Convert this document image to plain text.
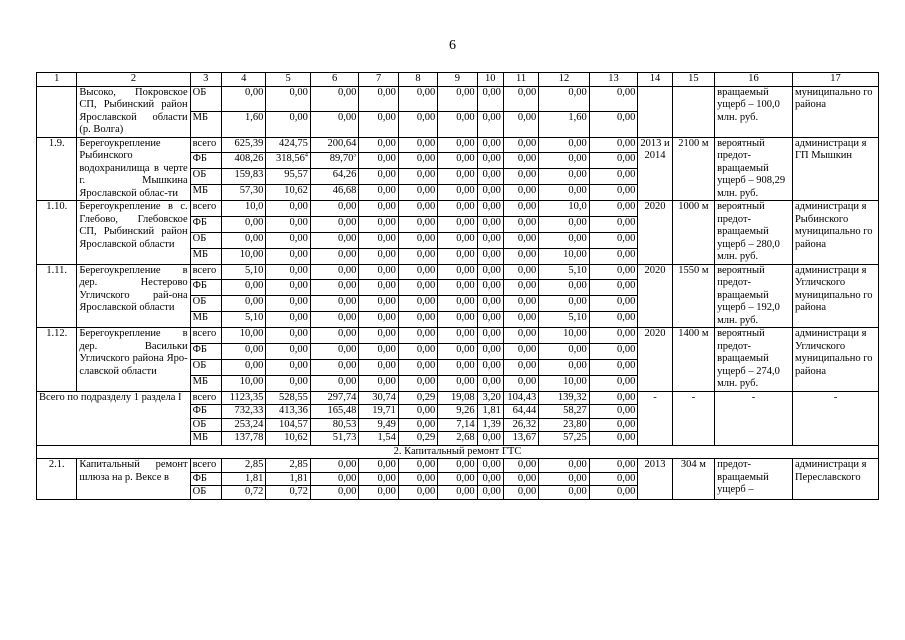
6
1	2	3	4	5	6	7	8	9	10	11	12	13	14	15	16	17
	Высоко, Покровское СП, Рыбинский район Ярославской области (р. Волга)	ОБ	0,00	0,00	0,00	0,00	0,00	0,00	0,00	0,00	0,00	0,00			вращаемый ущерб – 100,0 млн. руб.	муниципально го района
		МБ	1,60	0,00	0,00	0,00	0,00	0,00	0,00	0,00	1,60	0,00				
1.9.	Берегоукрепление Рыбинского водохранилища в черте г. Мышкина Ярославской облас-ти	всего	625,39	424,75	200,64	0,00	0,00	0,00	0,00	0,00	0,00	0,00	2013 и 2014	2100 м	вероятный предот-вращаемый ущерб – 908,29 млн. руб.	администраци я ГП Мышкин
		ФБ	408,26	318,56$^4$	89,70$^5$	0,00	0,00	0,00	0,00	0,00	0,00	0,00				
		ОБ	159,83	95,57	64,26	0,00	0,00	0,00	0,00	0,00	0,00	0,00				
		МБ	57,30	10,62	46,68	0,00	0,00	0,00	0,00	0,00	0,00	0,00				
1.10.	Берегоукрепление в с. Глебово, Глебовское СП, Рыбинский район Ярославской области	всего	10,0	0,00	0,00	0,00	0,00	0,00	0,00	0,00	10,0	0,00	2020	1000 м	вероятный предот-вращаемый ущерб – 280,0 млн. руб.	администраци я Рыбинского муниципально го района
		ФБ	0,00	0,00	0,00	0,00	0,00	0,00	0,00	0,00	0,00	0,00				
		ОБ	0,00	0,00	0,00	0,00	0,00	0,00	0,00	0,00	0,00	0,00				
		МБ	10,00	0,00	0,00	0,00	0,00	0,00	0,00	0,00	10,00	0,00				
1.11.	Берегоукрепление в дер. Нестерово Угличского рай-она Ярославской области	всего	5,10	0,00	0,00	0,00	0,00	0,00	0,00	0,00	5,10	0,00	2020	1550 м	вероятный предот-вращаемый ущерб – 192,0 млн. руб.	администраци я Угличского муниципально го района
		ФБ	0,00	0,00	0,00	0,00	0,00	0,00	0,00	0,00	0,00	0,00				
		ОБ	0,00	0,00	0,00	0,00	0,00	0,00	0,00	0,00	0,00	0,00				
		МБ	5,10	0,00	0,00	0,00	0,00	0,00	0,00	0,00	5,10	0,00				
1.12.	Берегоукрепление в дер. Васильки Угличского района Яро-славской области	всего	10,00	0,00	0,00	0,00	0,00	0,00	0,00	0,00	10,00	0,00	2020	1400 м	вероятный предот-вращаемый ущерб – 274,0 млн. руб.	администраци я Угличского муниципально го района
		ФБ	0,00	0,00	0,00	0,00	0,00	0,00	0,00	0,00	0,00	0,00				
		ОБ	0,00	0,00	0,00	0,00	0,00	0,00	0,00	0,00	0,00	0,00				
		МБ	10,00	0,00	0,00	0,00	0,00	0,00	0,00	0,00	10,00	0,00				
Всего по подразделу 1 раздела I		всего	1123,35	528,55	297,74	30,74	0,29	19,08	3,20	104,43	139,32	0,00	-	-	-	-
		ФБ	732,33	413,36	165,48	19,71	0,00	9,26	1,81	64,44	58,27	0,00				
		ОБ	253,24	104,57	80,53	9,49	0,00	7,14	1,39	26,32	23,80	0,00				
		МБ	137,78	10,62	51,73	1,54	0,29	2,68	0,00	13,67	57,25	0,00				
2. Капитальный ремонт ГТС																
2.1.	Капитальный ремонт шлюза на р. Вексе в	всего	2,85	2,85	0,00	0,00	0,00	0,00	0,00	0,00	0,00	0,00	2013	304 м	предот-вращаемый ущерб –	администраци я Переславского
		ФБ	1,81	1,81	0,00	0,00	0,00	0,00	0,00	0,00	0,00	0,00				
		ОБ	0,72	0,72	0,00	0,00	0,00	0,00	0,00	0,00	0,00	0,00				
